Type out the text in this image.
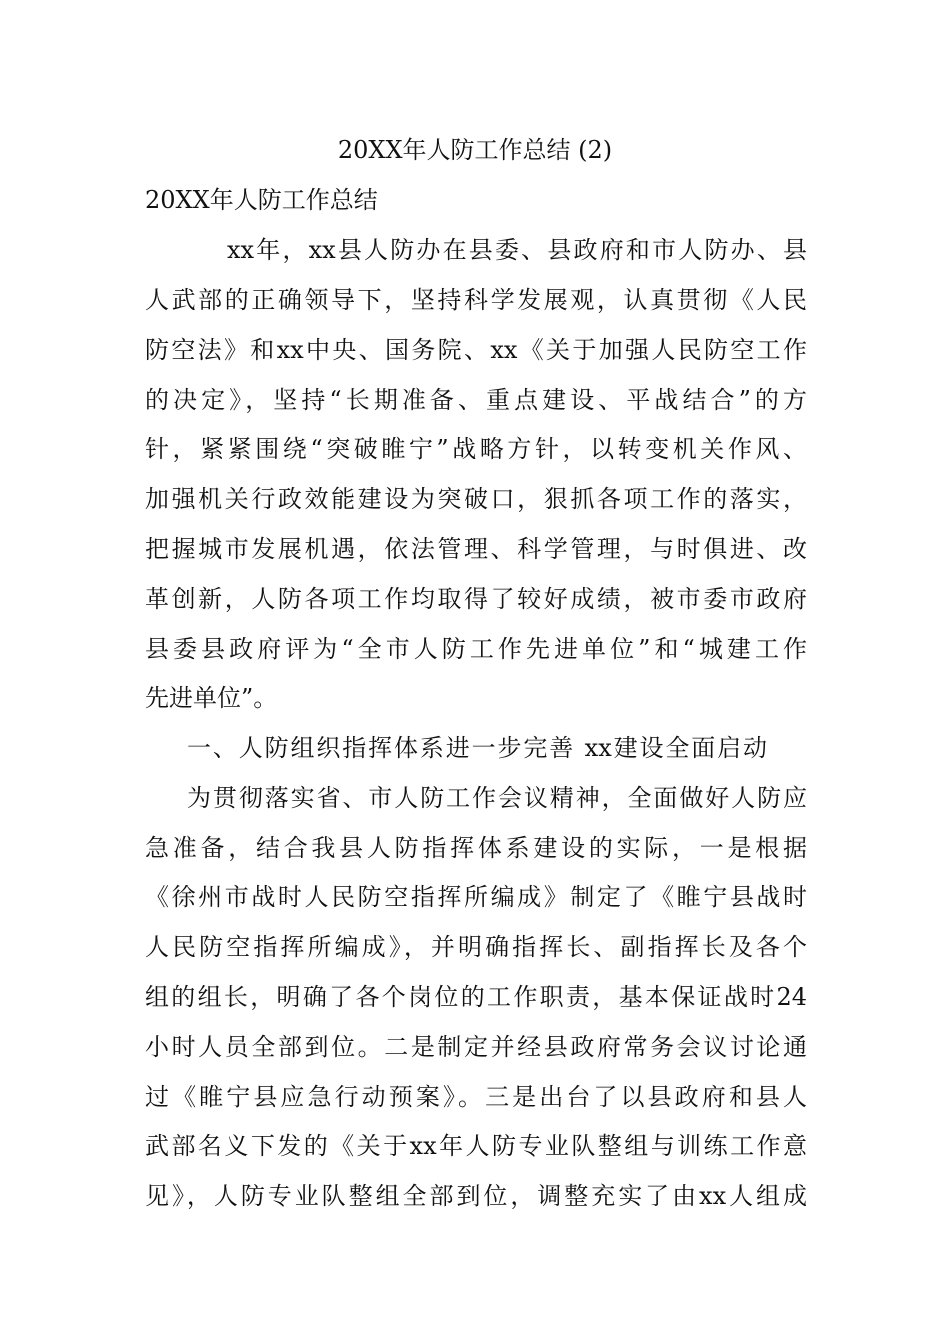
20XX年人防工作总结 (2)
20XX年人防工作总结

xx年，xx县人防办在县委、县政府和市人防办、县

人武部的正确领导下，坚持科学发展观，认真贯彻《人民

防空法》和xx中央、国务院、xx《关于加强人民防空工作

的决定》，坚持“长期准备、重点建设、平战结合”的方

针，紧紧围绕“突破睢宁”战略方针，以转变机关作风、

加强机关行政效能建设为突破口，狠抓各项工作的落实，

把握城市发展机遇，依法管理、科学管理，与时俱进、改

革创新，人防各项工作均取得了较好成绩，被市委市政府

县委县政府评为“全市人防工作先进单位”和“城建工作

先进单位”。

一、人防组织指挥体系进一步完善 xx建设全面启动

为贯彻落实省、市人防工作会议精神，全面做好人防应

急准备，结合我县人防指挥体系建设的实际，一是根据

《徐州市战时人民防空指挥所编成》制定了《睢宁县战时

人民防空指挥所编成》，并明确指挥长、副指挥长及各个

组的组长，明确了各个岗位的工作职责，基本保证战时24

小时人员全部到位。二是制定并经县政府常务会议讨论通

过《睢宁县应急行动预案》。三是出台了以县政府和县人

武部名义下发的《关于xx年人防专业队整组与训练工作意

见》，人防专业队整组全部到位，调整充实了由xx人组成
